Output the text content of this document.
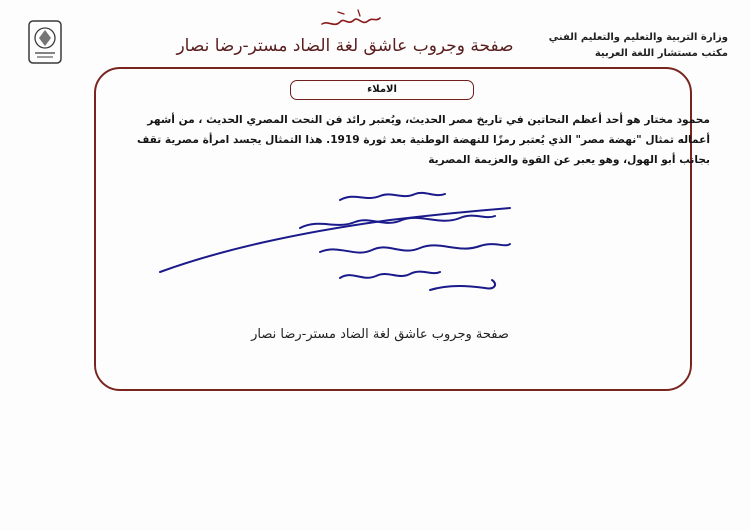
وزارة التربية والتعليم والتعليم الفني
مكتب مستشار اللغة العربية
صفحة وجروب عاشق لغة الضاد مستر-رضا نصار
الاملاء

محمود مختار هو أحد أعظم النحاتين في تاريخ مصر الحديث، ويُعتبر رائد فن النحت المصري الحديث ، من أشهر

أعماله تمثال "نهضة مصر" الذي يُعتبر رمزًا للنهضة الوطنية بعد ثورة 1919. هذا التمثال يجسد امرأة مصرية تقف

بجانب أبو الهول، وهو يعبر عن القوة والعزيمة المصرية

صفحة وجروب عاشق لغة الضاد مستر-رضا نصار
